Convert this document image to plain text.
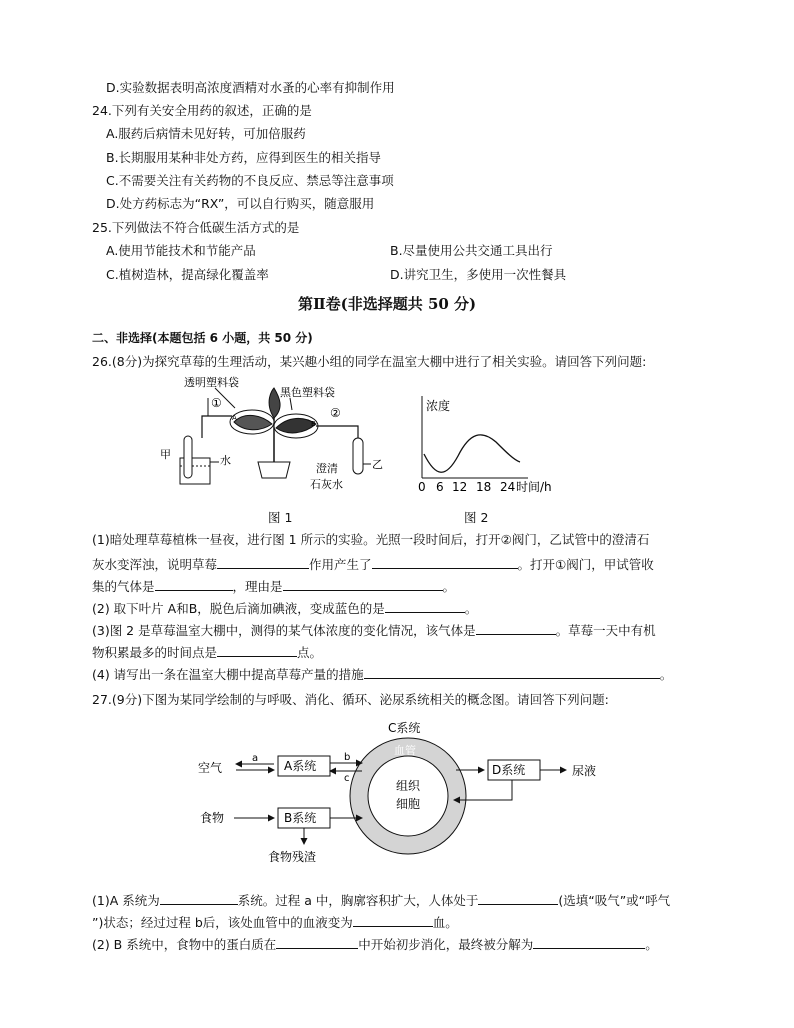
D.实验数据表明高浓度酒精对水蚤的心率有抑制作用
24.下列有关安全用药的叙述，正确的是
A.服药后病情未见好转，可加倍服药
B.长期服用某种非处方药，应得到医生的相关指导
C.不需要关注有关药物的不良反应、禁忌等注意事项
D.处方药标志为“RX”，可以自行购买，随意服用
25.下列做法不符合低碳生活方式的是
A.使用节能技术和节能产品	B.尽量使用公共交通工具出行
C.植树造林，提高绿化覆盖率	D.讲究卫生，多使用一次性餐具
第Ⅱ卷(非选择题共 50 分)
二、非选择(本题包括 6 小题，共 50 分)
26.(8分)为探究草莓的生理活动，某兴趣小组的同学在温室大棚中进行了相关实验。请回答下列问题:
透明塑料袋
黑色塑料袋
①
②
A
B
甲	水
澄清
石灰水
乙
浓度
0 6 12 18 24 时间/h
图 1	图 2
(1)暗处理草莓植株一昼夜，进行图 1 所示的实验。光照一段时间后，打开②阀门，乙试管中的澄清石
灰水变浑浊，说明草莓	作用产生了	。打开①阀门，甲试管收
集的气体是	，理由是	。
(2) 取下叶片 A和B，脱色后滴加碘液，变成蓝色的是	。
(3)图 2 是草莓温室大棚中，测得的某气体浓度的变化情况，该气体是	。草莓一天中有机
物积累最多的时间点是	点。
(4) 请写出一条在温室大棚中提高草莓产量的措施	。
27.(9分)下图为某同学绘制的与呼吸、消化、循环、泌尿系统相关的概念图。请回答下列问题:
C系统
血管
组织
细胞
空气
a
A系统
b
c
食物	B系统
食物残渣
D系统	尿液
(1)A 系统为	系统。过程 a 中，胸廓容积扩大，人体处于	(选填“吸气”或“呼气
”)状态；经过过程 b后，该处血管中的血液变为	血。
(2) B 系统中，食物中的蛋白质在	中开始初步消化，最终被分解为	。
